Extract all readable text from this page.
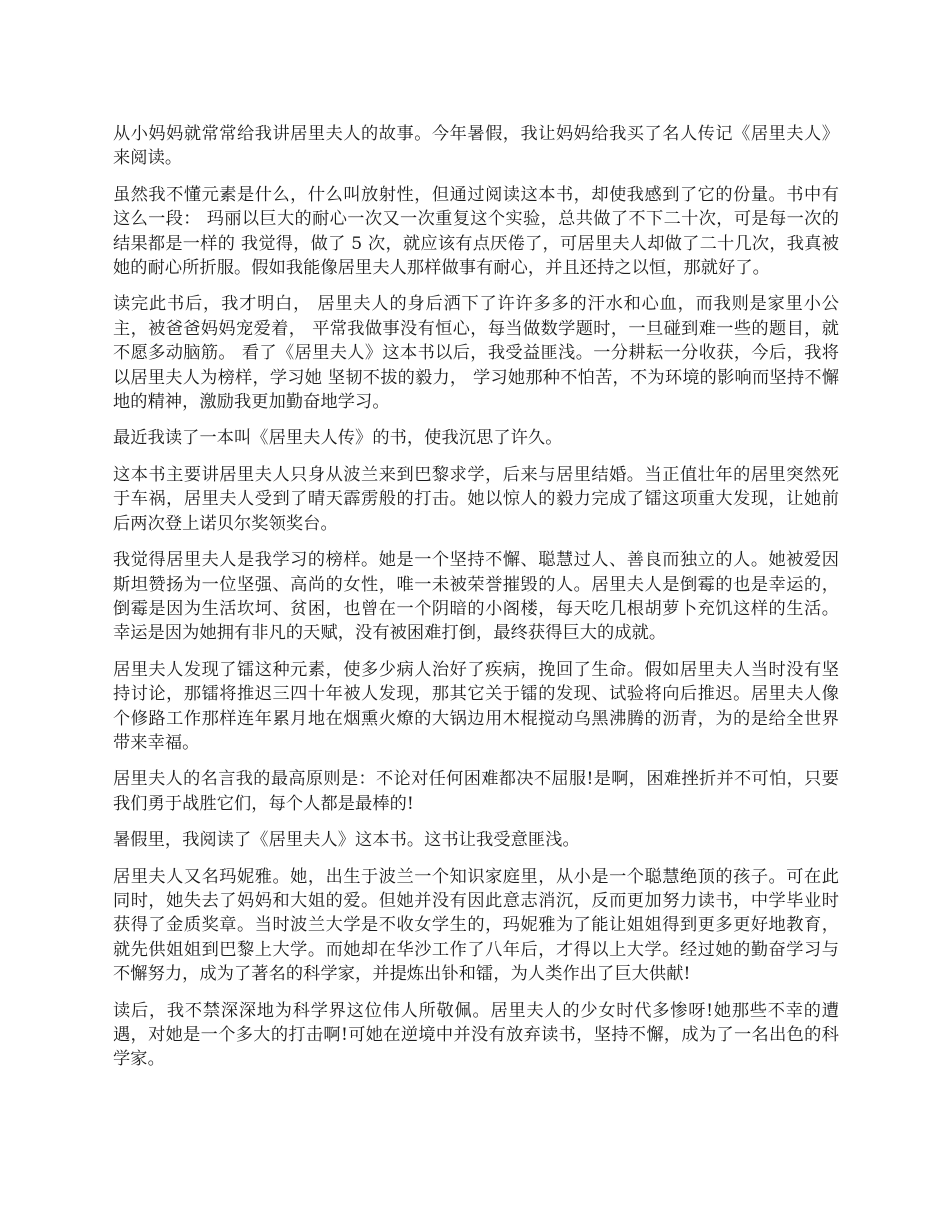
从小妈妈就常常给我讲居里夫人的故事。今年暑假，我让妈妈给我买了名人传记《居里夫人》来阅读。

虽然我不懂元素是什么，什么叫放射性，但通过阅读这本书，却使我感到了它的份量。书中有这么一段： 玛丽以巨大的耐心一次又一次重复这个实验，总共做了不下二十次，可是每一次的结果都是一样的 我觉得，做了 5 次，就应该有点厌倦了，可居里夫人却做了二十几次，我真被她的耐心所折服。假如我能像居里夫人那样做事有耐心，并且还持之以恒，那就好了。

读完此书后，我才明白， 居里夫人的身后洒下了许许多多的汗水和心血，而我则是家里小公主，被爸爸妈妈宠爱着， 平常我做事没有恒心，每当做数学题时，一旦碰到难一些的题目，就不愿多动脑筋。 看了《居里夫人》这本书以后，我受益匪浅。一分耕耘一分收获，今后，我将以居里夫人为榜样，学习她 坚韧不拔的毅力， 学习她那种不怕苦，不为环境的影响而坚持不懈地的精神，激励我更加勤奋地学习。

最近我读了一本叫《居里夫人传》的书，使我沉思了许久。

这本书主要讲居里夫人只身从波兰来到巴黎求学，后来与居里结婚。当正值壮年的居里突然死于车祸，居里夫人受到了晴天霹雳般的打击。她以惊人的毅力完成了镭这项重大发现，让她前后两次登上诺贝尔奖领奖台。

我觉得居里夫人是我学习的榜样。她是一个坚持不懈、聪慧过人、善良而独立的人。她被爱因斯坦赞扬为一位坚强、高尚的女性，唯一未被荣誉摧毁的人。居里夫人是倒霉的也是幸运的，倒霉是因为生活坎坷、贫困，也曾在一个阴暗的小阁楼，每天吃几根胡萝卜充饥这样的生活。幸运是因为她拥有非凡的天赋，没有被困难打倒，最终获得巨大的成就。

居里夫人发现了镭这种元素，使多少病人治好了疾病，挽回了生命。假如居里夫人当时没有坚持讨论，那镭将推迟三四十年被人发现，那其它关于镭的发现、试验将向后推迟。居里夫人像个修路工作那样连年累月地在烟熏火燎的大锅边用木棍搅动乌黑沸腾的沥青，为的是给全世界带来幸福。

居里夫人的名言我的最高原则是：不论对任何困难都决不屈服!是啊，困难挫折并不可怕，只要我们勇于战胜它们，每个人都是最棒的!

暑假里，我阅读了《居里夫人》这本书。这书让我受意匪浅。

居里夫人又名玛妮雅。她，出生于波兰一个知识家庭里，从小是一个聪慧绝顶的孩子。可在此同时，她失去了妈妈和大姐的爱。但她并没有因此意志消沉，反而更加努力读书，中学毕业时获得了金质奖章。当时波兰大学是不收女学生的，玛妮雅为了能让姐姐得到更多更好地教育，就先供姐姐到巴黎上大学。而她却在华沙工作了八年后，才得以上大学。经过她的勤奋学习与不懈努力，成为了著名的科学家，并提炼出钋和镭，为人类作出了巨大供献!

读后，我不禁深深地为科学界这位伟人所敬佩。居里夫人的少女时代多惨呀!她那些不幸的遭遇，对她是一个多大的打击啊!可她在逆境中并没有放弃读书，坚持不懈，成为了一名出色的科学家。
